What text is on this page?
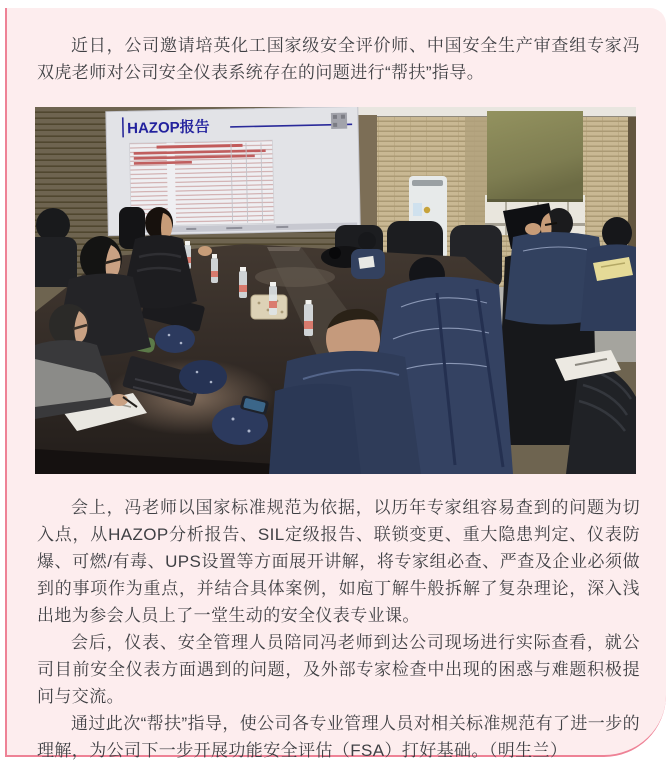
近日，公司邀请培英化工国家级安全评价师、中国安全生产审查组专家冯双虎老师对公司安全仪表系统存在的问题进行“帮扶”指导。

HAZOP报告

会上，冯老师以国家标准规范为依据，以历年专家组容易查到的问题为切入点，从HAZOP分析报告、SIL定级报告、联锁变更、重大隐患判定、仪表防爆、可燃/有毒、UPS设置等方面展开讲解，将专家组必查、严查及企业必须做到的事项作为重点，并结合具体案例，如庖丁解牛般拆解了复杂理论，深入浅出地为参会人员上了一堂生动的安全仪表专业课。

会后，仪表、安全管理人员陪同冯老师到达公司现场进行实际查看，就公司目前安全仪表方面遇到的问题，及外部专家检查中出现的困惑与难题积极提问与交流。

通过此次“帮扶”指导，使公司各专业管理人员对相关标准规范有了进一步的理解，为公司下一步开展功能安全评估（FSA）打好基础。（明生兰）
